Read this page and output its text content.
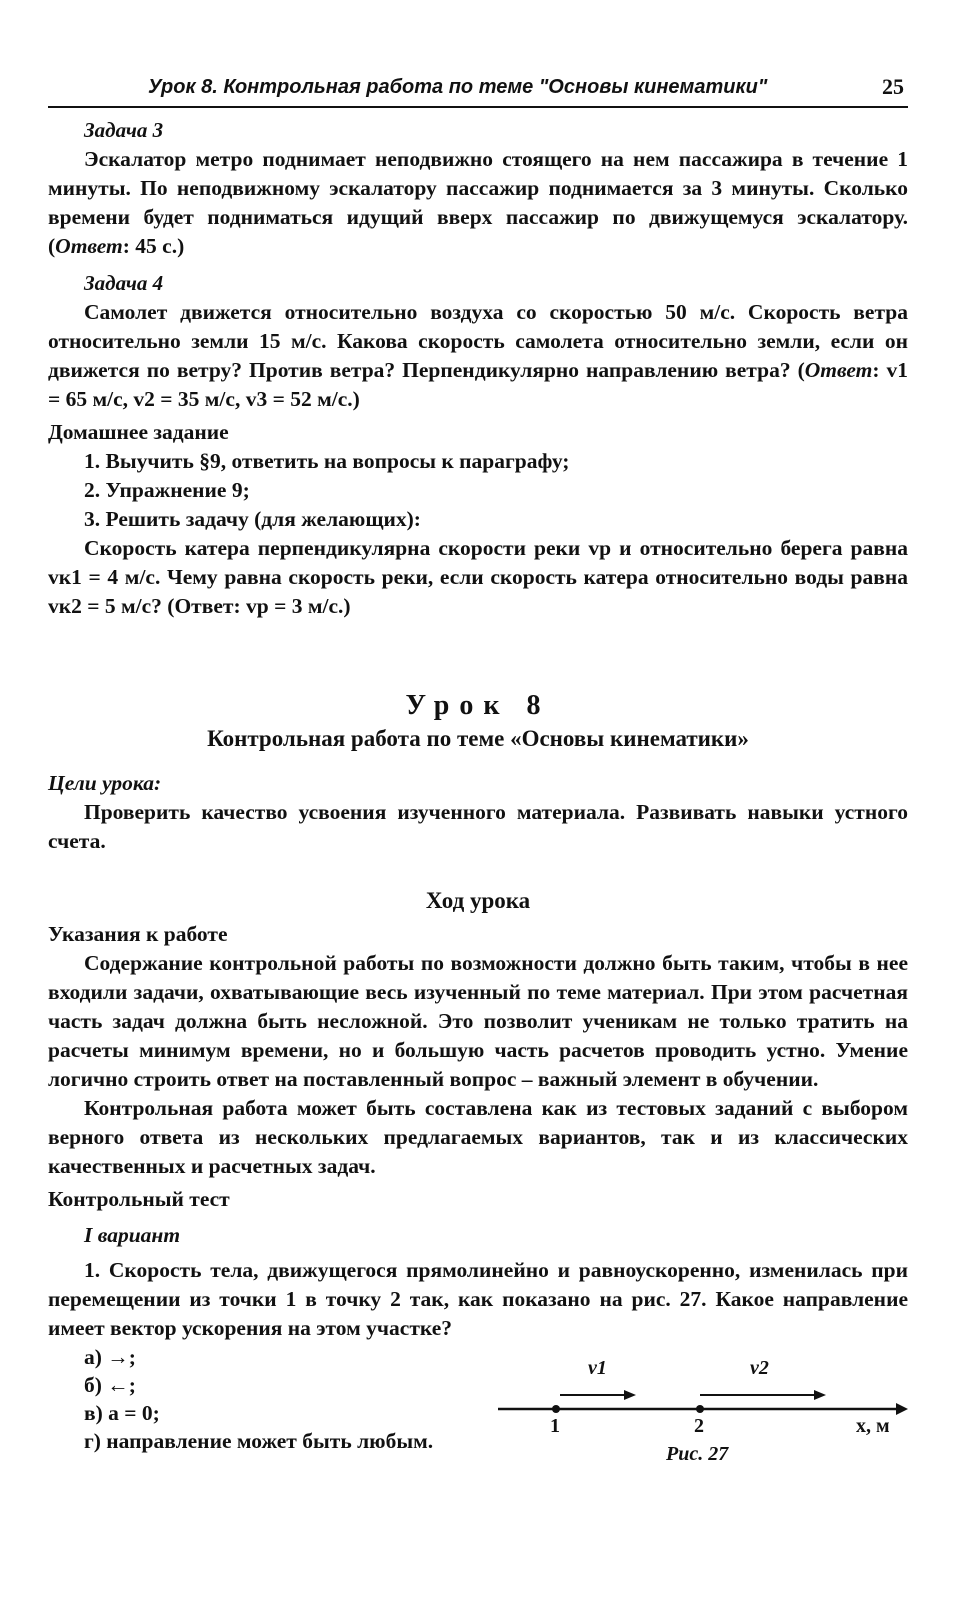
Урок 8. Контрольная работа по теме "Основы кинематики"	25
Задача 3

Эскалатор метро поднимает неподвижно стоящего на нем пассажира в течение 1 минуты. По неподвижному эскалатору пассажир поднимается за 3 минуты. Сколько времени будет подниматься идущий вверх пассажир по движущемуся эскалатору. (Ответ: 45 с.)

Задача 4

Самолет движется относительно воздуха со скоростью 50 м/с. Скорость ветра относительно земли 15 м/с. Какова скорость самолета относительно земли, если он движется по ветру? Против ветра? Перпендикулярно направлению ветра? (Ответ: v1 = 65 м/с, v2 = 35 м/с, v3 = 52 м/с.)

Домашнее задание
1. Выучить §9, ответить на вопросы к параграфу;
2. Упражнение 9;
3. Решить задачу (для желающих):

Скорость катера перпендикулярна скорости реки vр и относительно берега равна vк1 = 4 м/с. Чему равна скорость реки, если скорость катера относительно воды равна vк2 = 5 м/с? (Ответ: vр = 3 м/с.)

Урок 8
Контрольная работа по теме «Основы кинематики»
Цели урока:

Проверить качество усвоения изученного материала. Развивать навыки устного счета.

Ход урока
Указания к работе

Содержание контрольной работы по возможности должно быть таким, чтобы в нее входили задачи, охватывающие весь изученный по теме материал. При этом расчетная часть задач должна быть несложной. Это позволит ученикам не только тратить на расчеты минимум времени, но и большую часть расчетов проводить устно. Умение логично строить ответ на поставленный вопрос – важный элемент в обучении.

Контрольная работа может быть составлена как из тестовых заданий с выбором верного ответа из нескольких предлагаемых вариантов, так и из классических качественных и расчетных задач.

Контрольный тест
I вариант

1. Скорость тела, движущегося прямолинейно и равноускоренно, изменилась при перемещении из точки 1 в точку 2 так, как показано на рис. 27. Какое направление имеет вектор ускорения на этом участке?

а) →;
б) ←;
в) a = 0;
г) направление может быть любым.
v1	v2
1	2	x, м
Рис. 27
